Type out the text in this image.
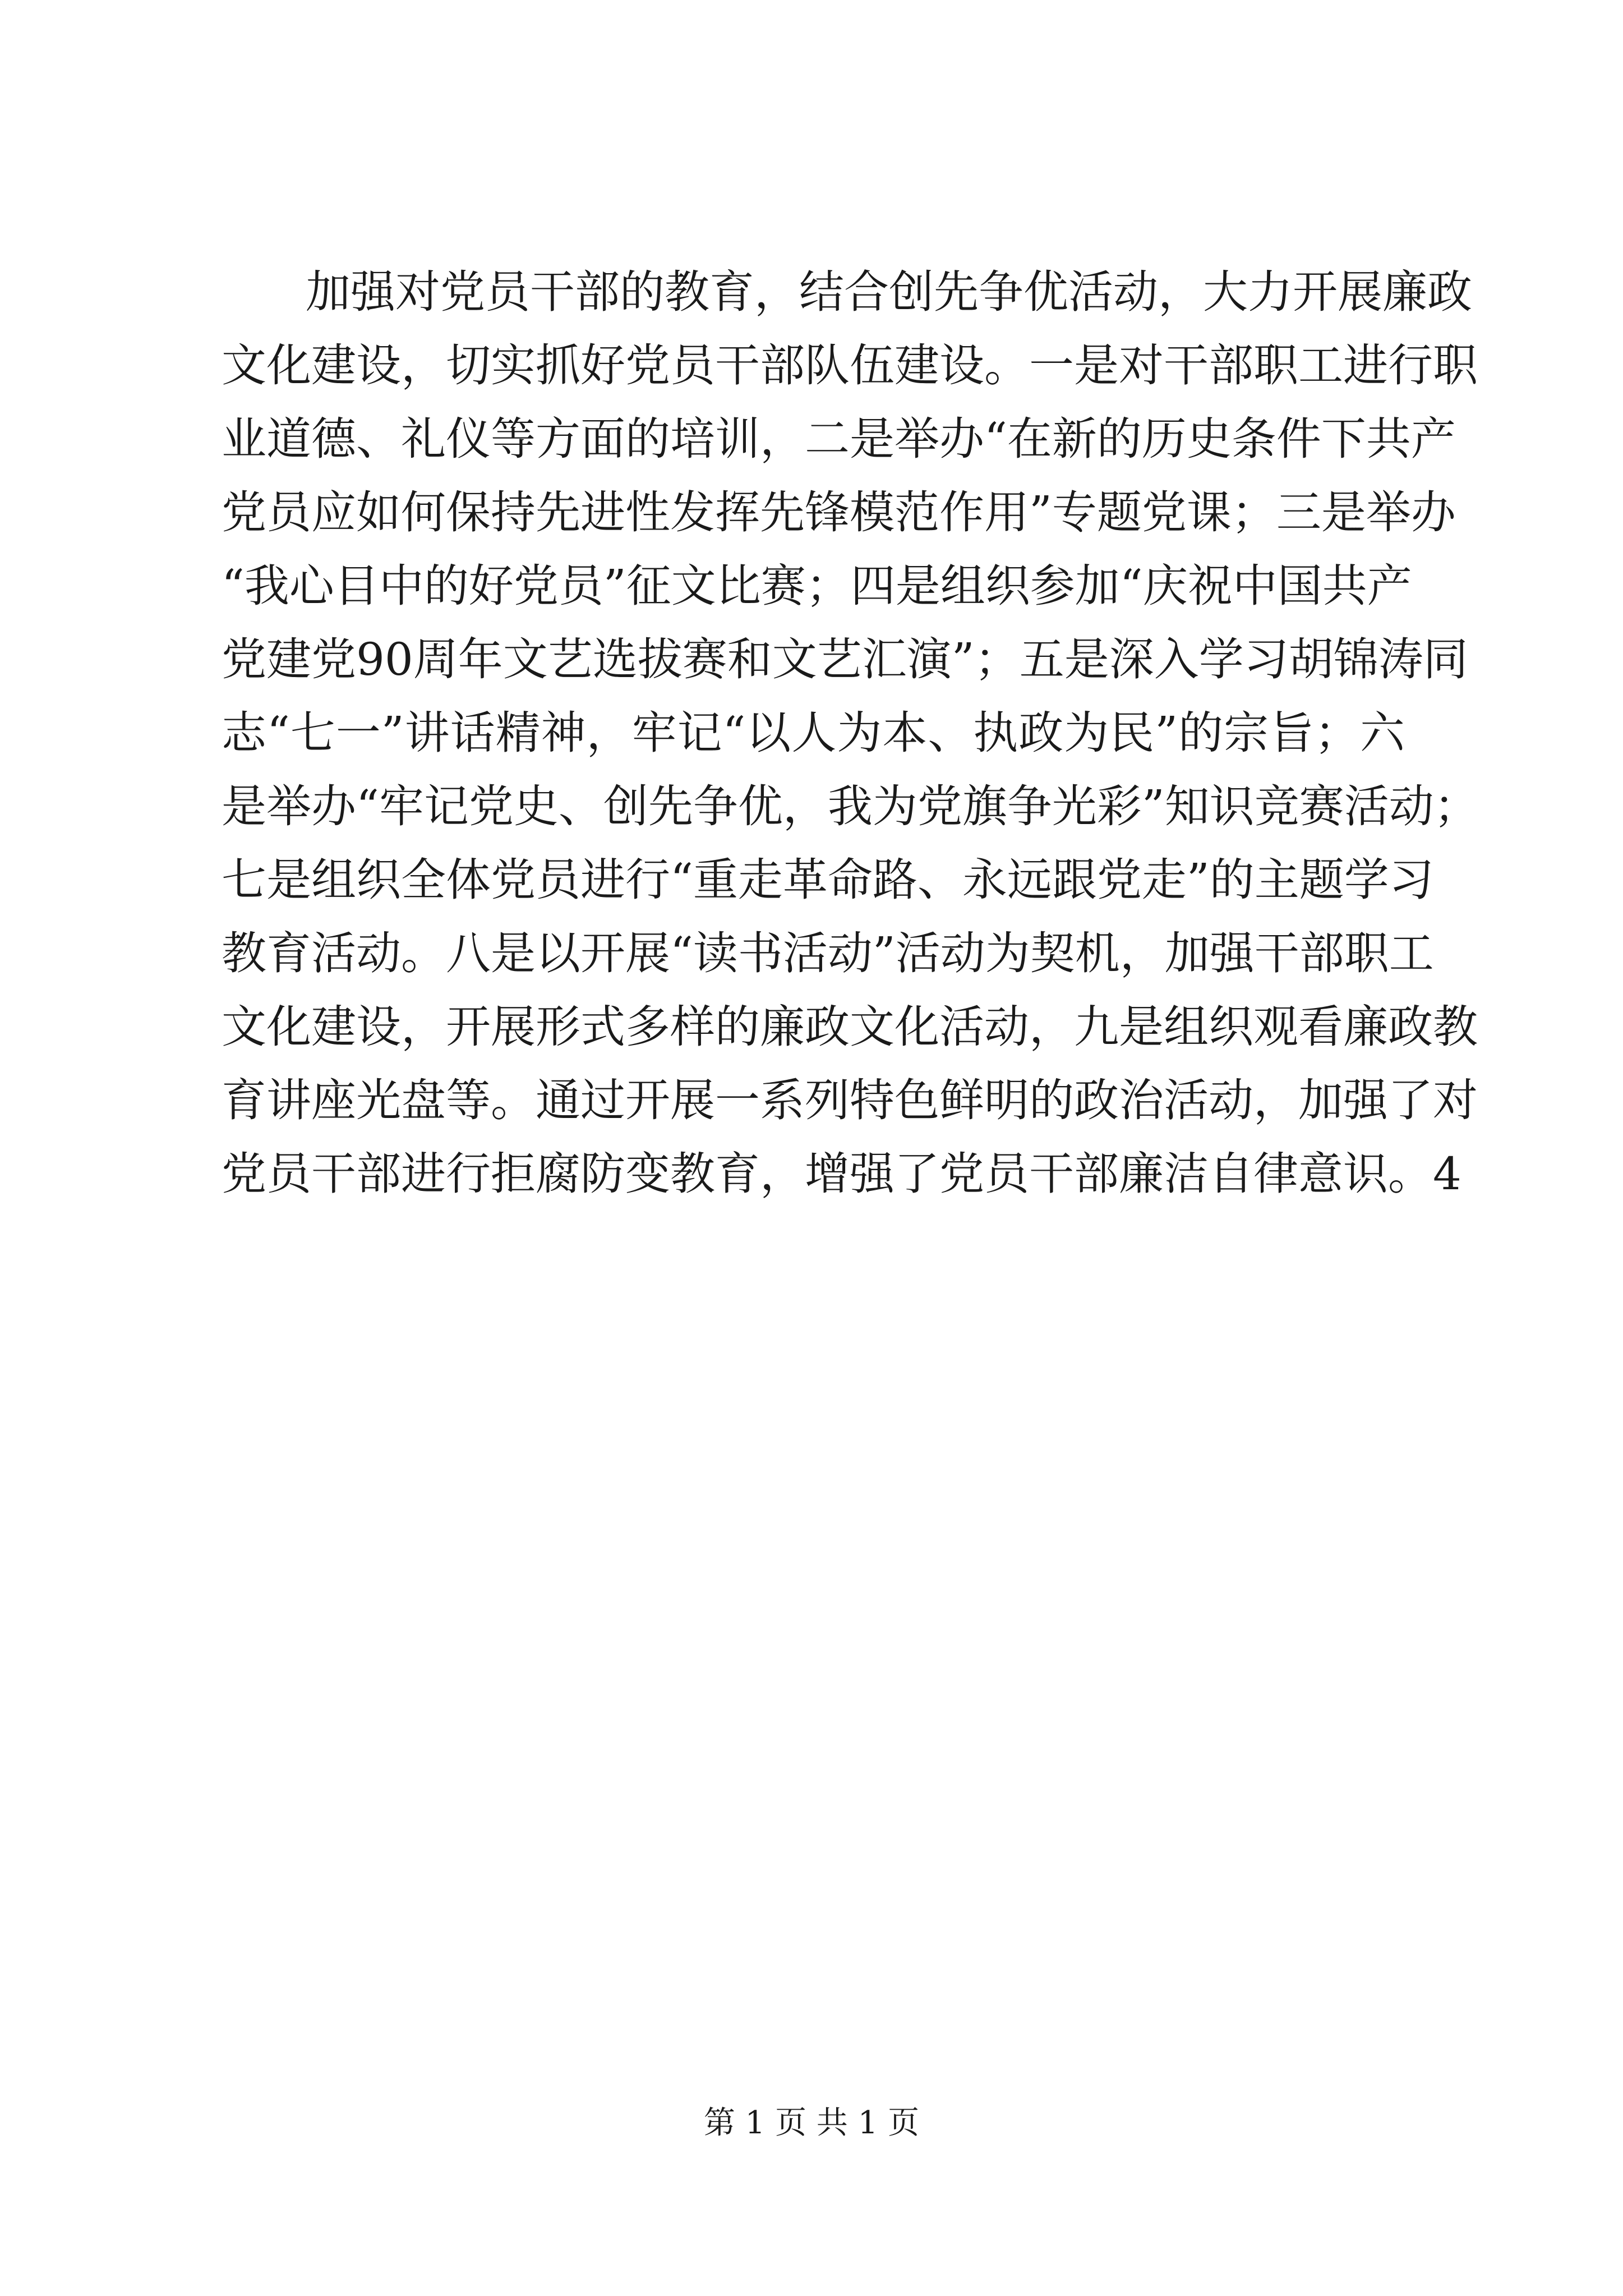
加强对党员干部的教育，结合创先争优活动，大力开展廉政
文化建设，切实抓好党员干部队伍建设。一是对干部职工进行职
业道德、礼仪等方面的培训，二是举办“在新的历史条件下共产
党员应如何保持先进性发挥先锋模范作用”专题党课；三是举办
“我心目中的好党员”征文比赛；四是组织参加“庆祝中国共产
党建党90周年文艺选拔赛和文艺汇演”；五是深入学习胡锦涛同
志“七一”讲话精神，牢记“以人为本、执政为民”的宗旨；六
是举办“牢记党史、创先争优，我为党旗争光彩”知识竞赛活动；
七是组织全体党员进行“重走革命路、永远跟党走”的主题学习
教育活动。八是以开展“读书活动”活动为契机，加强干部职工
文化建设，开展形式多样的廉政文化活动，九是组织观看廉政教
育讲座光盘等。通过开展一系列特色鲜明的政治活动，加强了对
党员干部进行拒腐防变教育，增强了党员干部廉洁自律意识。4
第 1 页 共 1 页
